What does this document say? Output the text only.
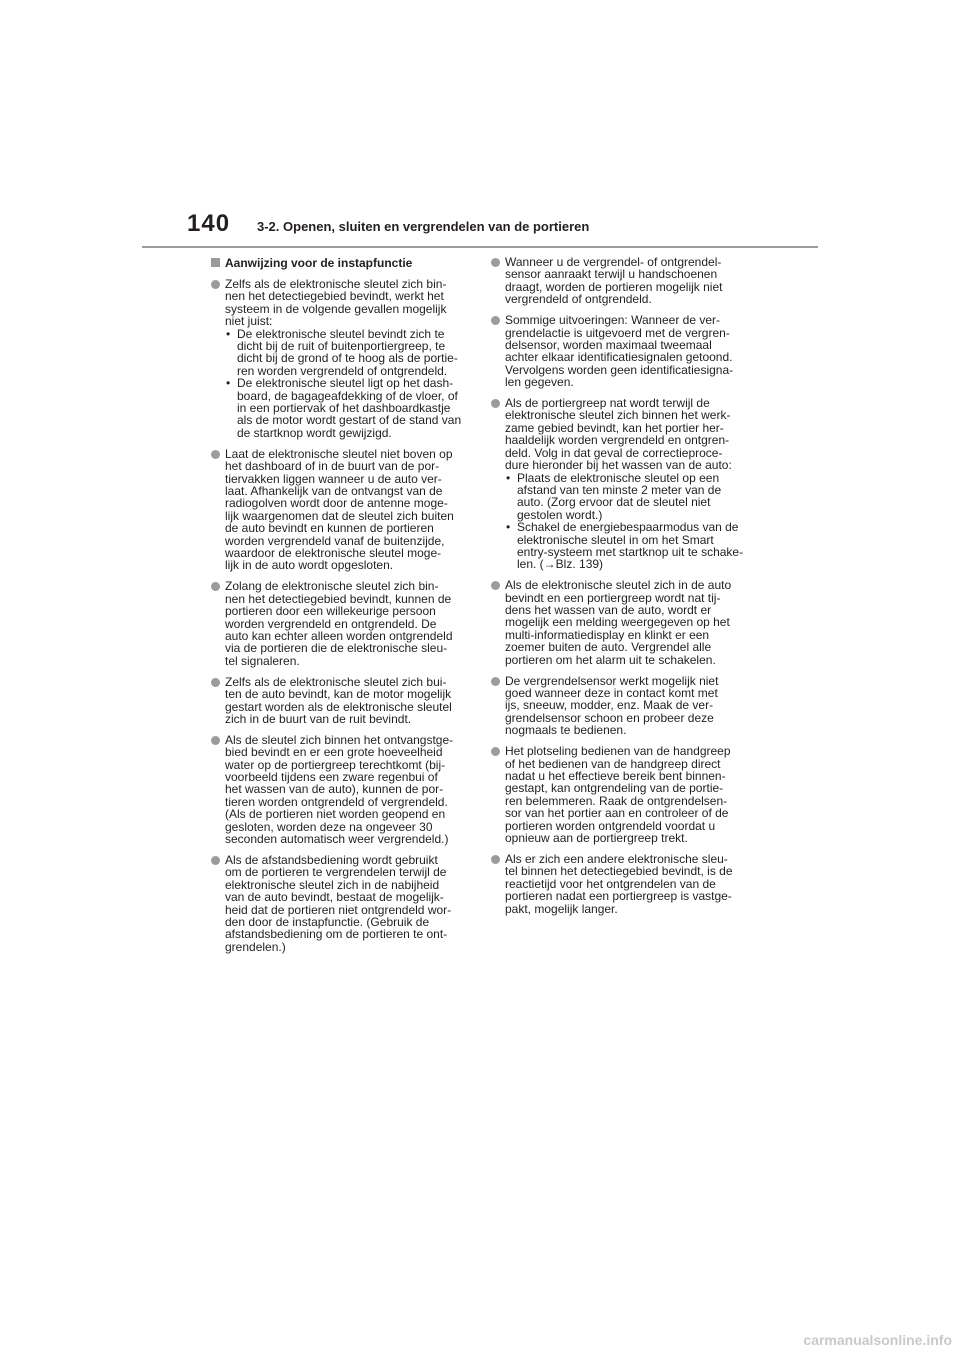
140 3-2. Openen, sluiten en vergrendelen van de portieren
Aanwijzing voor de instapfunctie
Zelfs als de elektronische sleutel zich bin-
nen het detectiegebied bevindt, werkt het
systeem in de volgende gevallen mogelijk
niet juist:
• De elektronische sleutel bevindt zich te
dicht bij de ruit of buitenportiergreep, te
dicht bij de grond of te hoog als de portie-
ren worden vergrendeld of ontgrendeld.
• De elektronische sleutel ligt op het dash-
board, de bagageafdekking of de vloer, of
in een portiervak of het dashboardkastje
als de motor wordt gestart of de stand van
de startknop wordt gewijzigd.
Laat de elektronische sleutel niet boven op
het dashboard of in de buurt van de por-
tiervakken liggen wanneer u de auto ver-
laat. Afhankelijk van de ontvangst van de
radiogolven wordt door de antenne moge-
lijk waargenomen dat de sleutel zich buiten
de auto bevindt en kunnen de portieren
worden vergrendeld vanaf de buitenzijde,
waardoor de elektronische sleutel moge-
lijk in de auto wordt opgesloten.
Zolang de elektronische sleutel zich bin-
nen het detectiegebied bevindt, kunnen de
portieren door een willekeurige persoon
worden vergrendeld en ontgrendeld. De
auto kan echter alleen worden ontgrendeld
via de portieren die de elektronische sleu-
tel signaleren.
Zelfs als de elektronische sleutel zich bui-
ten de auto bevindt, kan de motor mogelijk
gestart worden als de elektronische sleutel
zich in de buurt van de ruit bevindt.
Als de sleutel zich binnen het ontvangstge-
bied bevindt en er een grote hoeveelheid
water op de portiergreep terechtkomt (bij-
voorbeeld tijdens een zware regenbui of
het wassen van de auto), kunnen de por-
tieren worden ontgrendeld of vergrendeld.
(Als de portieren niet worden geopend en
gesloten, worden deze na ongeveer 30
seconden automatisch weer vergrendeld.)
Als de afstandsbediening wordt gebruikt
om de portieren te vergrendelen terwijl de
elektronische sleutel zich in de nabijheid
van de auto bevindt, bestaat de mogelijk-
heid dat de portieren niet ontgrendeld wor-
den door de instapfunctie. (Gebruik de
afstandsbediening om de portieren te ont-
grendelen.)
Wanneer u de vergrendel- of ontgrendel-
sensor aanraakt terwijl u handschoenen
draagt, worden de portieren mogelijk niet
vergrendeld of ontgrendeld.
Sommige uitvoeringen: Wanneer de ver-
grendelactie is uitgevoerd met de vergren-
delsensor, worden maximaal tweemaal
achter elkaar identificatiesignalen getoond.
Vervolgens worden geen identificatiesigna-
len gegeven.
Als de portiergreep nat wordt terwijl de
elektronische sleutel zich binnen het werk-
zame gebied bevindt, kan het portier her-
haaldelijk worden vergrendeld en ontgren-
deld. Volg in dat geval de correctieproce-
dure hieronder bij het wassen van de auto:
• Plaats de elektronische sleutel op een
afstand van ten minste 2 meter van de
auto. (Zorg ervoor dat de sleutel niet
gestolen wordt.)
• Schakel de energiebespaarmodus van de
elektronische sleutel in om het Smart
entry-systeem met startknop uit te schake-
len. (→Blz. 139)
Als de elektronische sleutel zich in de auto
bevindt en een portiergreep wordt nat tij-
dens het wassen van de auto, wordt er
mogelijk een melding weergegeven op het
multi-informatiedisplay en klinkt er een
zoemer buiten de auto. Vergrendel alle
portieren om het alarm uit te schakelen.
De vergrendelsensor werkt mogelijk niet
goed wanneer deze in contact komt met
ijs, sneeuw, modder, enz. Maak de ver-
grendelsensor schoon en probeer deze
nogmaals te bedienen.
Het plotseling bedienen van de handgreep
of het bedienen van de handgreep direct
nadat u het effectieve bereik bent binnen-
gestapt, kan ontgrendeling van de portie-
ren belemmeren. Raak de ontgrendelsen-
sor van het portier aan en controleer of de
portieren worden ontgrendeld voordat u
opnieuw aan de portiergreep trekt.
Als er zich een andere elektronische sleu-
tel binnen het detectiegebied bevindt, is de
reactietijd voor het ontgrendelen van de
portieren nadat een portiergreep is vastge-
pakt, mogelijk langer.
carmanualsonline.info
